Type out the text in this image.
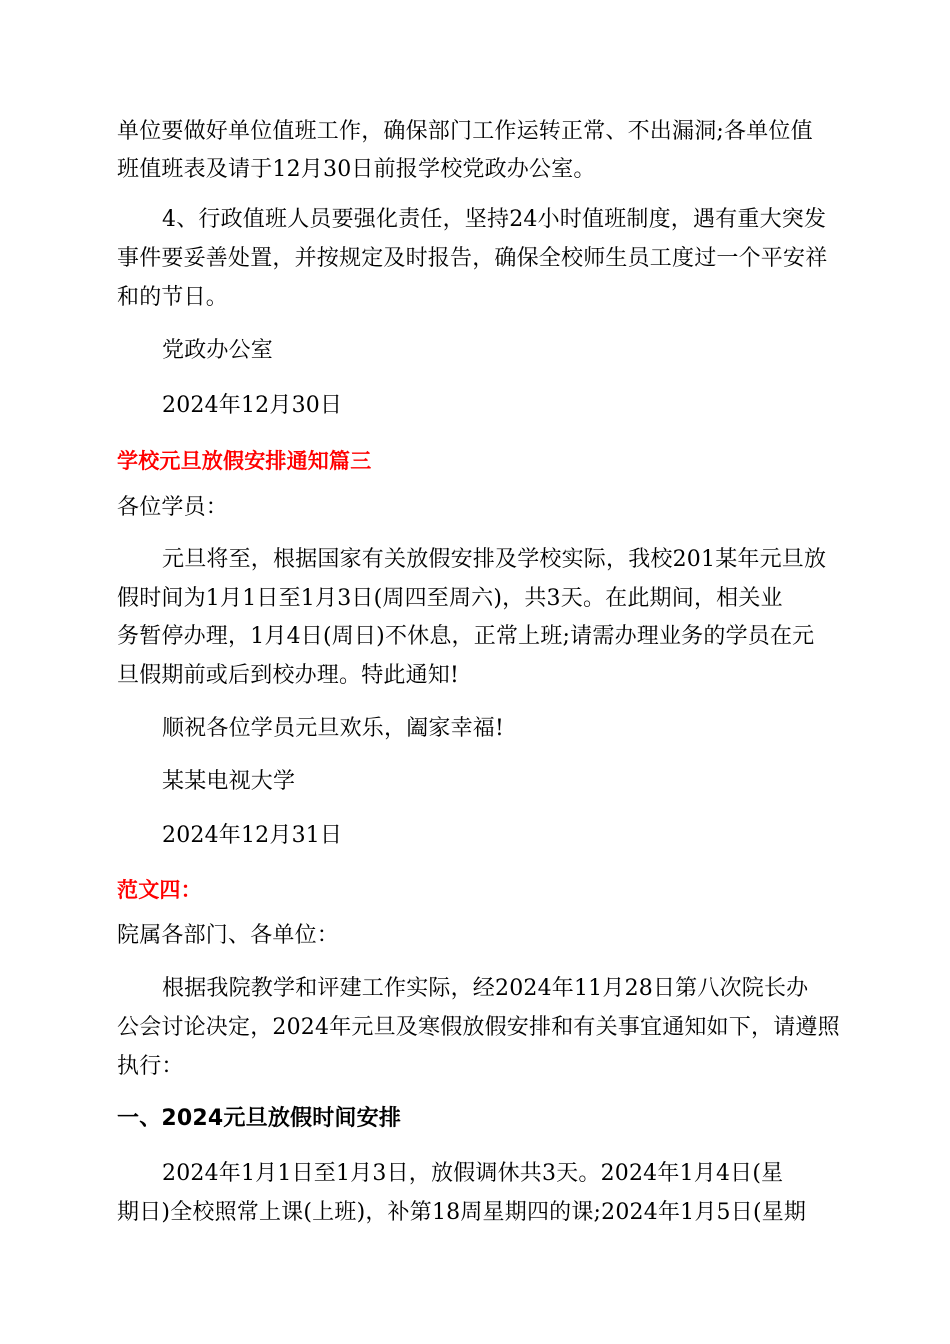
单位要做好单位值班工作，确保部门工作运转正常、不出漏洞;各单位值
班值班表及请于12月30日前报学校党政办公室。
4、行政值班人员要强化责任，坚持24小时值班制度，遇有重大突发
事件要妥善处置，并按规定及时报告，确保全校师生员工度过一个平安祥
和的节日。
党政办公室
2024年12月30日
学校元旦放假安排通知篇三
各位学员：
元旦将至，根据国家有关放假安排及学校实际，我校201某年元旦放
假时间为1月1日至1月3日(周四至周六)，共3天。在此期间，相关业
务暂停办理，1月4日(周日)不休息，正常上班;请需办理业务的学员在元
旦假期前或后到校办理。特此通知!
顺祝各位学员元旦欢乐，阖家幸福!
某某电视大学
2024年12月31日
范文四：
院属各部门、各单位：
根据我院教学和评建工作实际，经2024年11月28日第八次院长办
公会讨论决定，2024年元旦及寒假放假安排和有关事宜通知如下，请遵照
执行：
一、2024元旦放假时间安排
2024年1月1日至1月3日，放假调休共3天。2024年1月4日(星
期日)全校照常上课(上班)，补第18周星期四的课;2024年1月5日(星期
